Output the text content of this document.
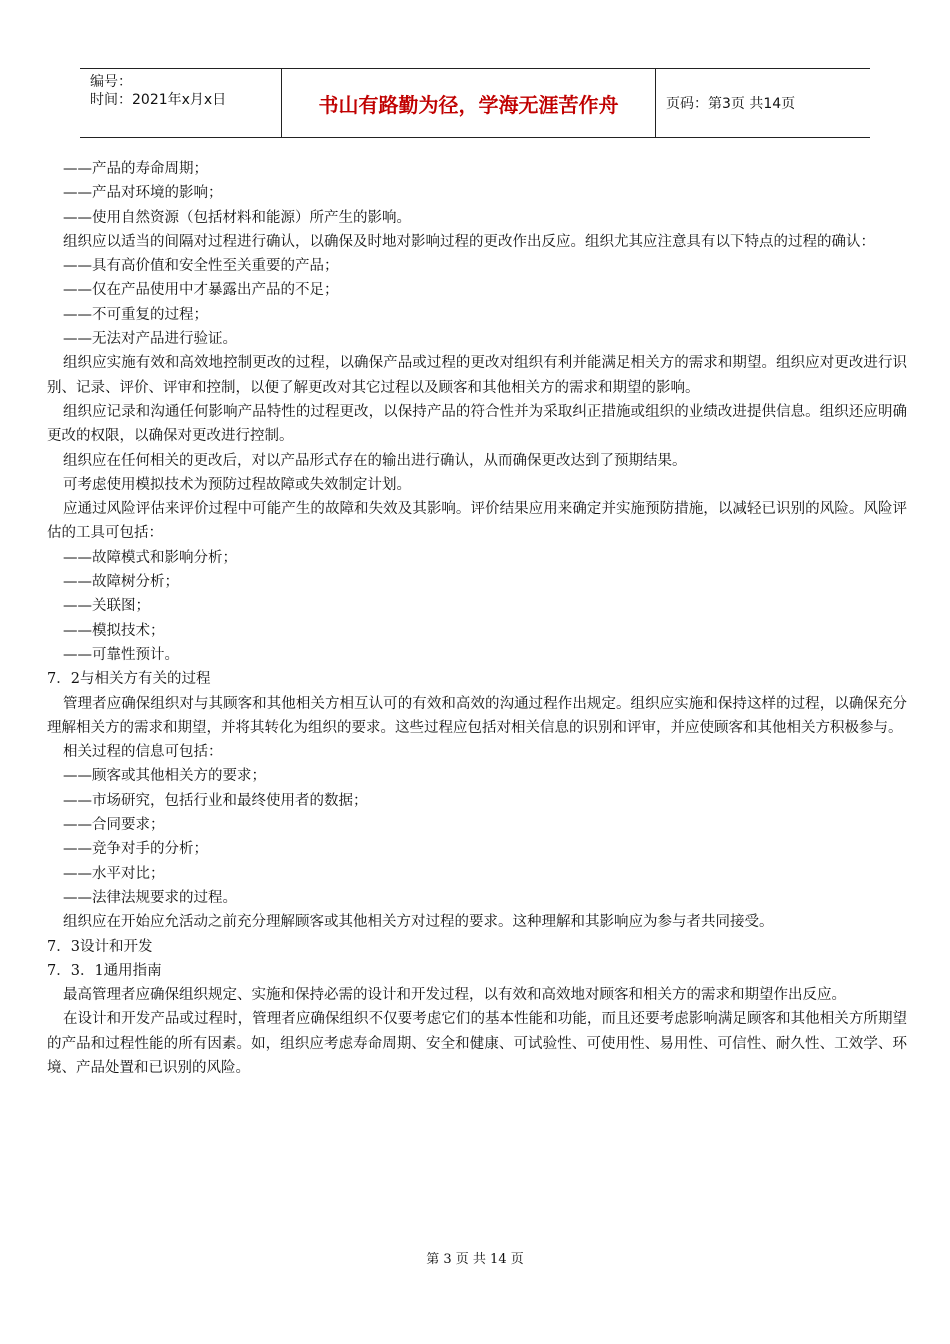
编号：
时间：2021年x月x日	书山有路勤为径，学海无涯苦作舟	页码：第3页 共14页

——产品的寿命周期；

——产品对环境的影响；

——使用自然资源（包括材料和能源）所产生的影响。

组织应以适当的间隔对过程进行确认，以确保及时地对影响过程的更改作出反应。组织尤其应注意具有以下特点的过程的确认：

——具有高价值和安全性至关重要的产品；

——仅在产品使用中才暴露出产品的不足；

——不可重复的过程；

——无法对产品进行验证。

组织应实施有效和高效地控制更改的过程，以确保产品或过程的更改对组织有利并能满足相关方的需求和期望。组织应对更改进行识别、记录、评价、评审和控制，以便了解更改对其它过程以及顾客和其他相关方的需求和期望的影响。

组织应记录和沟通任何影响产品特性的过程更改，以保持产品的符合性并为采取纠正措施或组织的业绩改进提供信息。组织还应明确更改的权限，以确保对更改进行控制。

组织应在任何相关的更改后，对以产品形式存在的输出进行确认，从而确保更改达到了预期结果。

可考虑使用模拟技术为预防过程故障或失效制定计划。

应通过风险评估来评价过程中可能产生的故障和失效及其影响。评价结果应用来确定并实施预防措施，以减轻已识别的风险。风险评估的工具可包括：

——故障模式和影响分析；

——故障树分析；

——关联图；

——模拟技术；

——可靠性预计。

7．2与相关方有关的过程

管理者应确保组织对与其顾客和其他相关方相互认可的有效和高效的沟通过程作出规定。组织应实施和保持这样的过程，以确保充分理解相关方的需求和期望，并将其转化为组织的要求。这些过程应包括对相关信息的识别和评审，并应使顾客和其他相关方积极参与。

相关过程的信息可包括：

——顾客或其他相关方的要求；

——市场研究，包括行业和最终使用者的数据；

——合同要求；

——竞争对手的分析；

——水平对比；

——法律法规要求的过程。

组织应在开始应允活动之前充分理解顾客或其他相关方对过程的要求。这种理解和其影响应为参与者共同接受。

7．3设计和开发

7．3．1通用指南

最高管理者应确保组织规定、实施和保持必需的设计和开发过程，以有效和高效地对顾客和相关方的需求和期望作出反应。

在设计和开发产品或过程时，管理者应确保组织不仅要考虑它们的基本性能和功能，而且还要考虑影响满足顾客和其他相关方所期望的产品和过程性能的所有因素。如，组织应考虑寿命周期、安全和健康、可试验性、可使用性、易用性、可信性、耐久性、工效学、环境、产品处置和已识别的风险。

第 3 页 共 14 页
